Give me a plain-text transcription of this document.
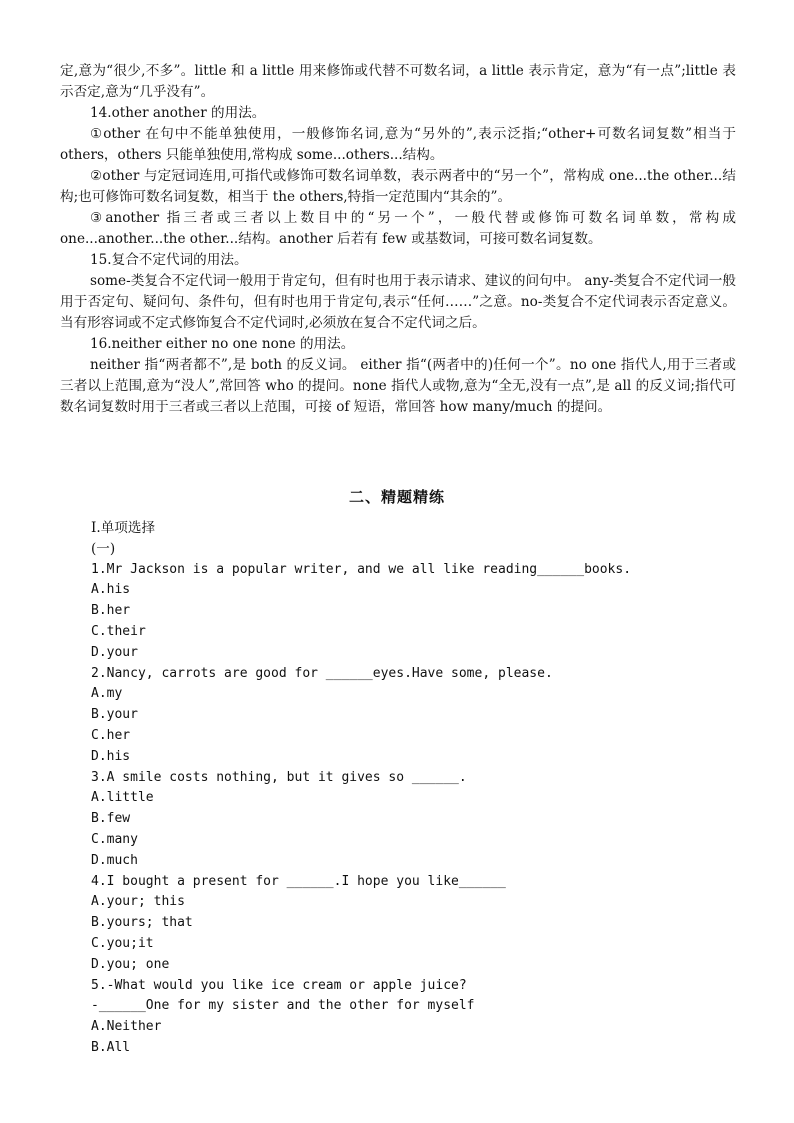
定,意为“很少,不多”。little 和 a little 用来修饰或代替不可数名词，a little 表示肯定，意为“有一点”;little 表示否定,意为“几乎没有”。

14.other another 的用法。

①other 在句中不能单独使用，一般修饰名词,意为“另外的”,表示泛指;“other+可数名词复数”相当于 others，others 只能单独使用,常构成 some...others...结构。

②other 与定冠词连用,可指代或修饰可数名词单数，表示两者中的“另一个”，常构成 one...the other...结构;也可修饰可数名词复数，相当于 the others,特指一定范围内“其余的”。

③another 指三者或三者以上数目中的“另一个”，一般代替或修饰可数名词单数，常构成 one...another...the other...结构。another 后若有 few 或基数词，可接可数名词复数。

15.复合不定代词的用法。

some-类复合不定代词一般用于肯定句，但有时也用于表示请求、建议的问句中。 any-类复合不定代词一般用于否定句、疑问句、条件句，但有时也用于肯定句,表示“任何……”之意。no-类复合不定代词表示否定意义。当有形容词或不定式修饰复合不定代词时,必须放在复合不定代词之后。

16.neither either no one none 的用法。

neither 指“两者都不”,是 both 的反义词。 either 指“(两者中的)任何一个”。no one 指代人,用于三者或三者以上范围,意为“没人”,常回答 who 的提问。none 指代人或物,意为“全无,没有一点”,是 all 的反义词;指代可数名词复数时用于三者或三者以上范围，可接 of 短语，常回答 how many/much 的提问。

二、精题精练
I.单项选择
(一)
1.Mr Jackson is a popular writer, and we all like reading______books.
A.his
B.her
C.their
D.your
2.Nancy, carrots are good for ______eyes.Have some, please.
A.my
B.your
C.her
D.his
3.A smile costs nothing, but it gives so ______.
A.little
B.few
C.many
D.much
4.I bought a present for ______.I hope you like______
A.your; this
B.yours; that
C.you;it
D.you; one
5.-What would you like ice cream or apple juice?
-______One for my sister and the other for myself
A.Neither
B.All
